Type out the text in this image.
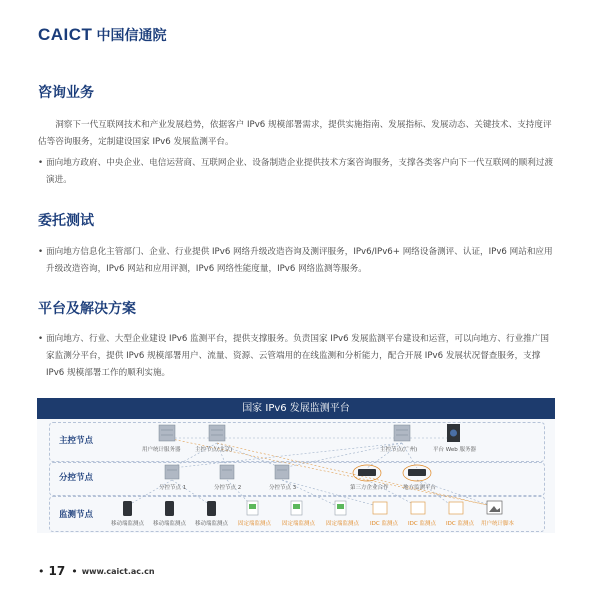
CAICT 中国信通院
咨询业务
洞察下一代互联网技术和产业发展趋势，依据客户 IPv6 规模部署需求，提供实施指南、发展指标、发展动态、关键技术、支持度评估等咨询服务，定制建设国家 IPv6 发展监测平台。
• 面向地方政府、中央企业、电信运营商、互联网企业、设备制造企业提供技术方案咨询服务，支撑各类客户向下一代互联网的顺利过渡演进。
委托测试
• 面向地方信息化主管部门、企业、行业提供 IPv6 网络升级改造咨询及测评服务，IPv6/IPv6+ 网络设备测评、认证，IPv6 网站和应用升级改造咨询，IPv6 网站和应用评测，IPv6 网络性能度量，IPv6 网络监测等服务。
平台及解决方案
• 面向地方、行业、大型企业建设 IPv6 监测平台，提供支撑服务。负责国家 IPv6 发展监测平台建设和运营，可以向地方、行业推广国家监测分平台，提供 IPv6 规模部署用户、流量、资源、云管端用的在线监测和分析能力，配合开展 IPv6 发展状况督查服务，支撑 IPv6 规模部署工作的顺利实施。
国家 IPv6 发展监测平台
主控节点
分控节点
监测节点
用户统计服务器	主控节点(北京)	主控节点(广州)	平台 Web 服务器
分控节点 1	分控节点 2	分控节点 3	第三方企业合作	地方监测平台
移动端监测点 移动端监测点 移动端监测点 固定端监测点 固定端监测点 固定端监测点 IDC 监测点 IDC 监测点 IDC 监测点 用户统计脚本
• 17 • www.caict.ac.cn
